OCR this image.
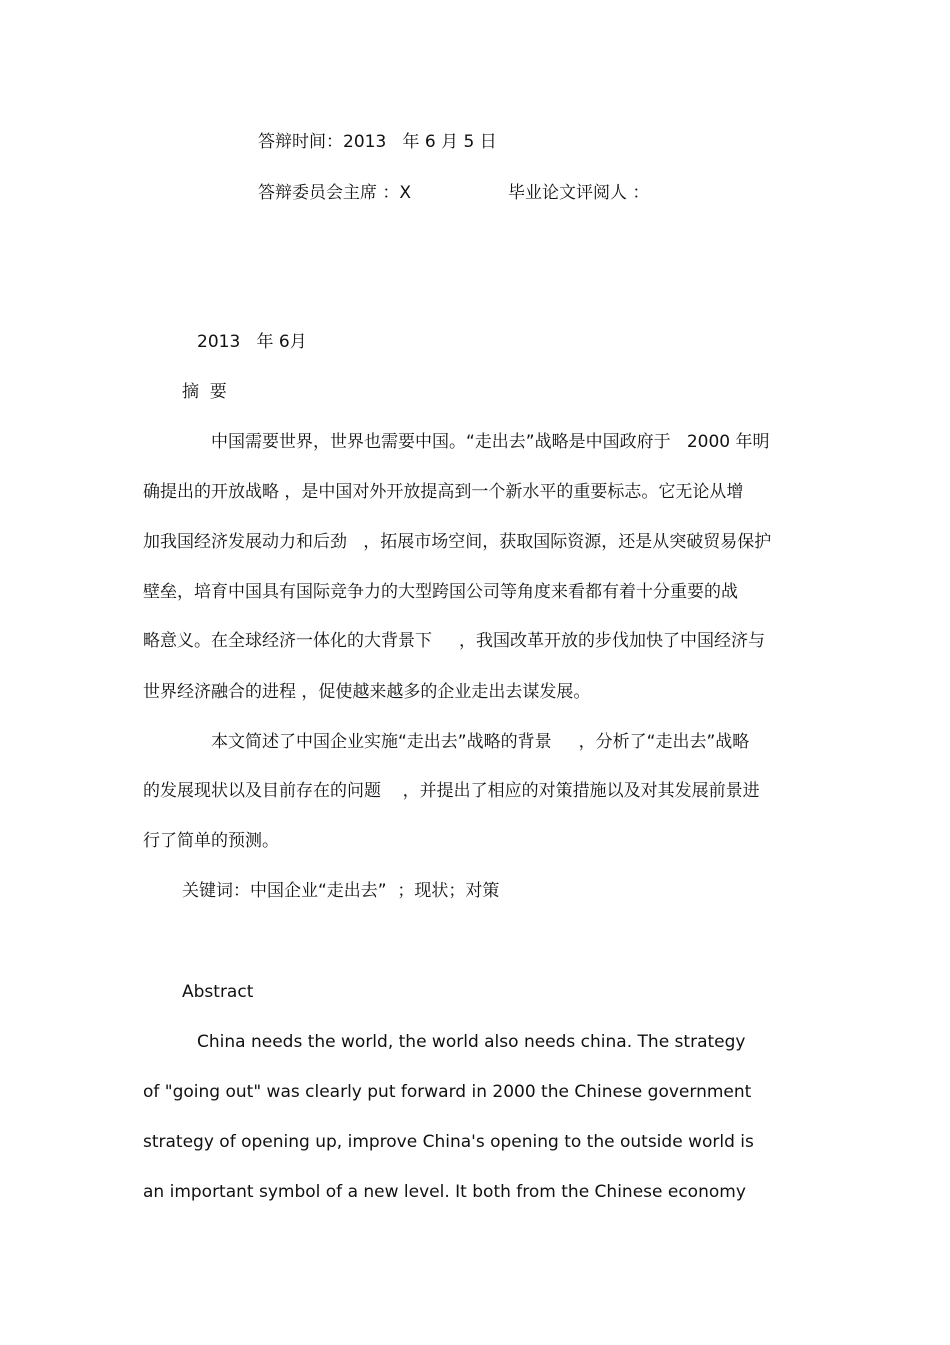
答辩时间：2013   年 6 月 5 日

答辩委员会主席 ：X	毕业论文评阅人 ：

2013   年 6月

摘  要

中国需要世界，世界也需要中国。“走出去”战略是中国政府于   2000 年明

确提出的开放战略 ，是中国对外开放提高到一个新水平的重要标志。它无论从增

加我国经济发展动力和后劲   ，拓展市场空间，获取国际资源，还是从突破贸易保护

壁垒，培育中国具有国际竞争力的大型跨国公司等角度来看都有着十分重要的战

略意义。在全球经济一体化的大背景下     ，我国改革开放的步伐加快了中国经济与

世界经济融合的进程 ，促使越来越多的企业走出去谋发展。

本文简述了中国企业实施“走出去”战略的背景     ，分析了“走出去”战略

的发展现状以及目前存在的问题    ，并提出了相应的对策措施以及对其发展前景进

行了简单的预测。

关键词：中国企业“走出去”  ；现状；对策

Abstract

China needs the world, the world also needs china. The strategy

of "going out" was clearly put forward in 2000 the Chinese government

strategy of opening up, improve China's opening to the outside world is

an important symbol of a new level. It both from the Chinese economy
